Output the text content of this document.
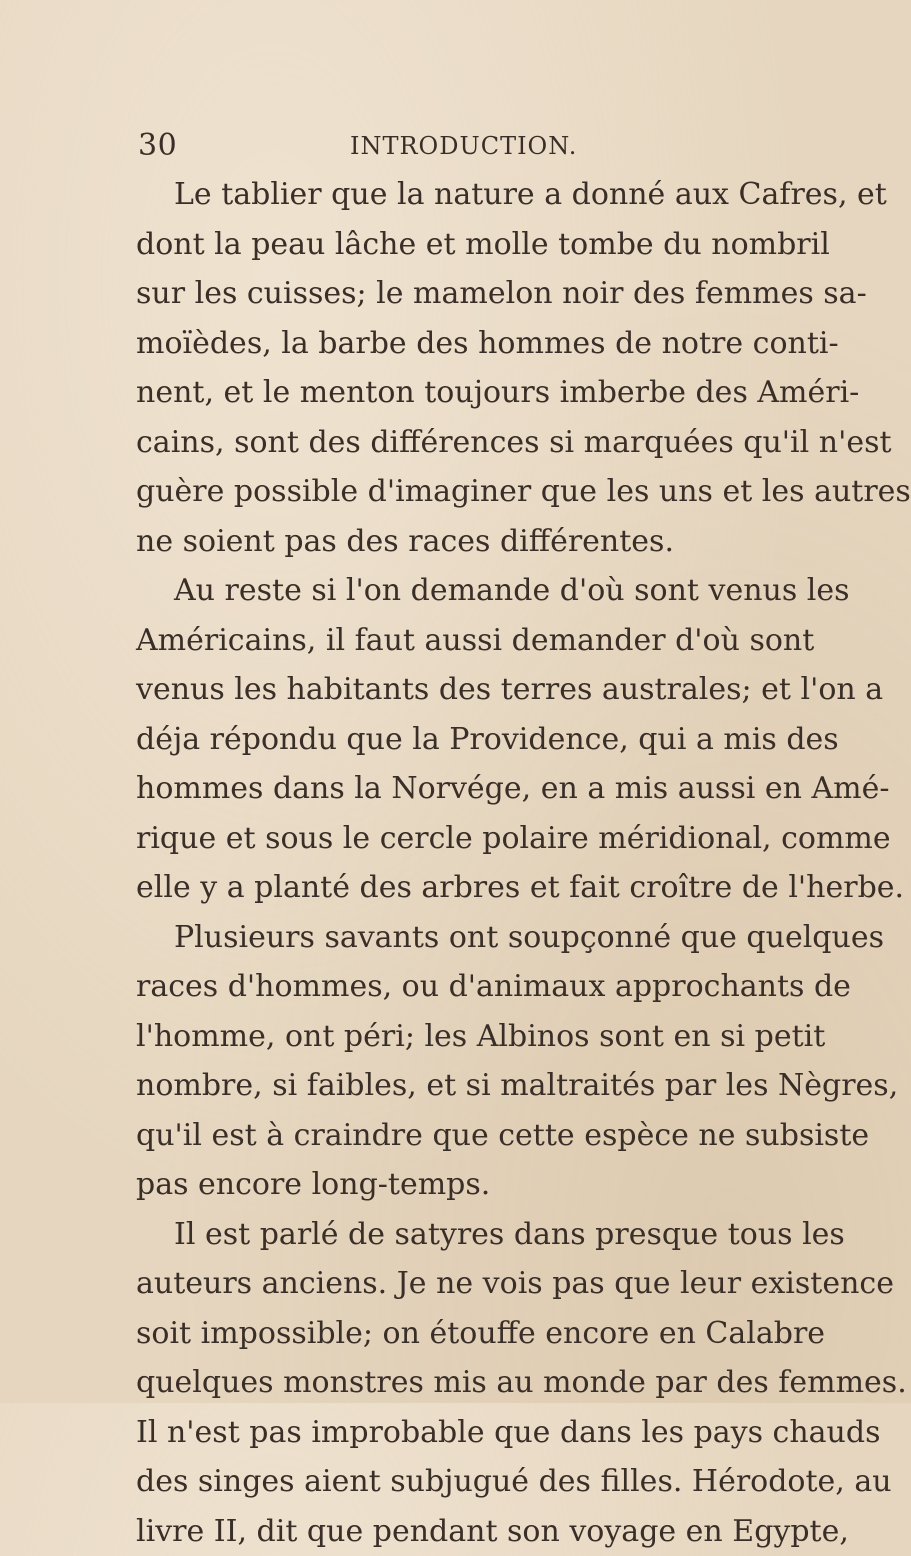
30	INTRODUCTION.
Le tablier que la nature a donné aux Cafres, et
dont la peau lâche et molle tombe du nombril
sur les cuisses; le mamelon noir des femmes sa-
moïèdes, la barbe des hommes de notre conti-
nent, et le menton toujours imberbe des Améri-
cains, sont des différences si marquées qu'il n'est
guère possible d'imaginer que les uns et les autres
ne soient pas des races différentes.
Au reste si l'on demande d'où sont venus les
Américains, il faut aussi demander d'où sont
venus les habitants des terres australes; et l'on a
déja répondu que la Providence, qui a mis des
hommes dans la Norvége, en a mis aussi en Amé-
rique et sous le cercle polaire méridional, comme
elle y a planté des arbres et fait croître de l'herbe.
Plusieurs savants ont soupçonné que quelques
races d'hommes, ou d'animaux approchants de
l'homme, ont péri; les Albinos sont en si petit
nombre, si faibles, et si maltraités par les Nègres,
qu'il est à craindre que cette espèce ne subsiste
pas encore long-temps.
Il est parlé de satyres dans presque tous les
auteurs anciens. Je ne vois pas que leur existence
soit impossible; on étouffe encore en Calabre
quelques monstres mis au monde par des femmes.
Il n'est pas improbable que dans les pays chauds
des singes aient subjugué des filles. Hérodote, au
livre II, dit que pendant son voyage en Egypte,
